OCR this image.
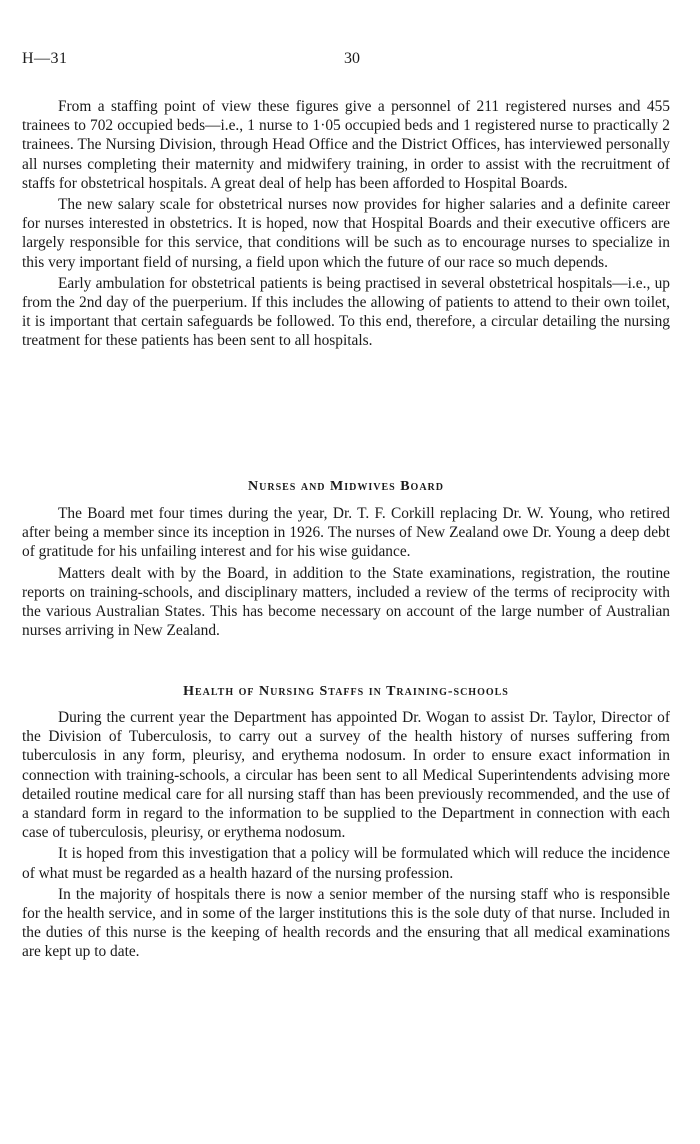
H—31	30

From a staffing point of view these figures give a personnel of 211 registered nurses and 455 trainees to 702 occupied beds—i.e., 1 nurse to 1·05 occupied beds and 1 registered nurse to practically 2 trainees. The Nursing Division, through Head Office and the District Offices, has interviewed personally all nurses completing their maternity and midwifery training, in order to assist with the recruitment of staffs for obstetrical hospitals. A great deal of help has been afforded to Hospital Boards.

The new salary scale for obstetrical nurses now provides for higher salaries and a definite career for nurses interested in obstetrics. It is hoped, now that Hospital Boards and their executive officers are largely responsible for this service, that conditions will be such as to encourage nurses to specialize in this very important field of nursing, a field upon which the future of our race so much depends.

Early ambulation for obstetrical patients is being practised in several obstetrical hospitals—i.e., up from the 2nd day of the puerperium. If this includes the allowing of patients to attend to their own toilet, it is important that certain safeguards be followed. To this end, therefore, a circular detailing the nursing treatment for these patients has been sent to all hospitals.

Nurses and Midwives Board

The Board met four times during the year, Dr. T. F. Corkill replacing Dr. W. Young, who retired after being a member since its inception in 1926. The nurses of New Zealand owe Dr. Young a deep debt of gratitude for his unfailing interest and for his wise guidance.

Matters dealt with by the Board, in addition to the State examinations, registration, the routine reports on training-schools, and disciplinary matters, included a review of the terms of reciprocity with the various Australian States. This has become necessary on account of the large number of Australian nurses arriving in New Zealand.

Health of Nursing Staffs in Training-schools

During the current year the Department has appointed Dr. Wogan to assist Dr. Taylor, Director of the Division of Tuberculosis, to carry out a survey of the health history of nurses suffering from tuberculosis in any form, pleurisy, and erythema nodosum. In order to ensure exact information in connection with training-schools, a circular has been sent to all Medical Superintendents advising more detailed routine medical care for all nursing staff than has been previously recommended, and the use of a standard form in regard to the information to be supplied to the Department in connection with each case of tuberculosis, pleurisy, or erythema nodosum.

It is hoped from this investigation that a policy will be formulated which will reduce the incidence of what must be regarded as a health hazard of the nursing profession.

In the majority of hospitals there is now a senior member of the nursing staff who is responsible for the health service, and in some of the larger institutions this is the sole duty of that nurse. Included in the duties of this nurse is the keeping of health records and the ensuring that all medical examinations are kept up to date.
